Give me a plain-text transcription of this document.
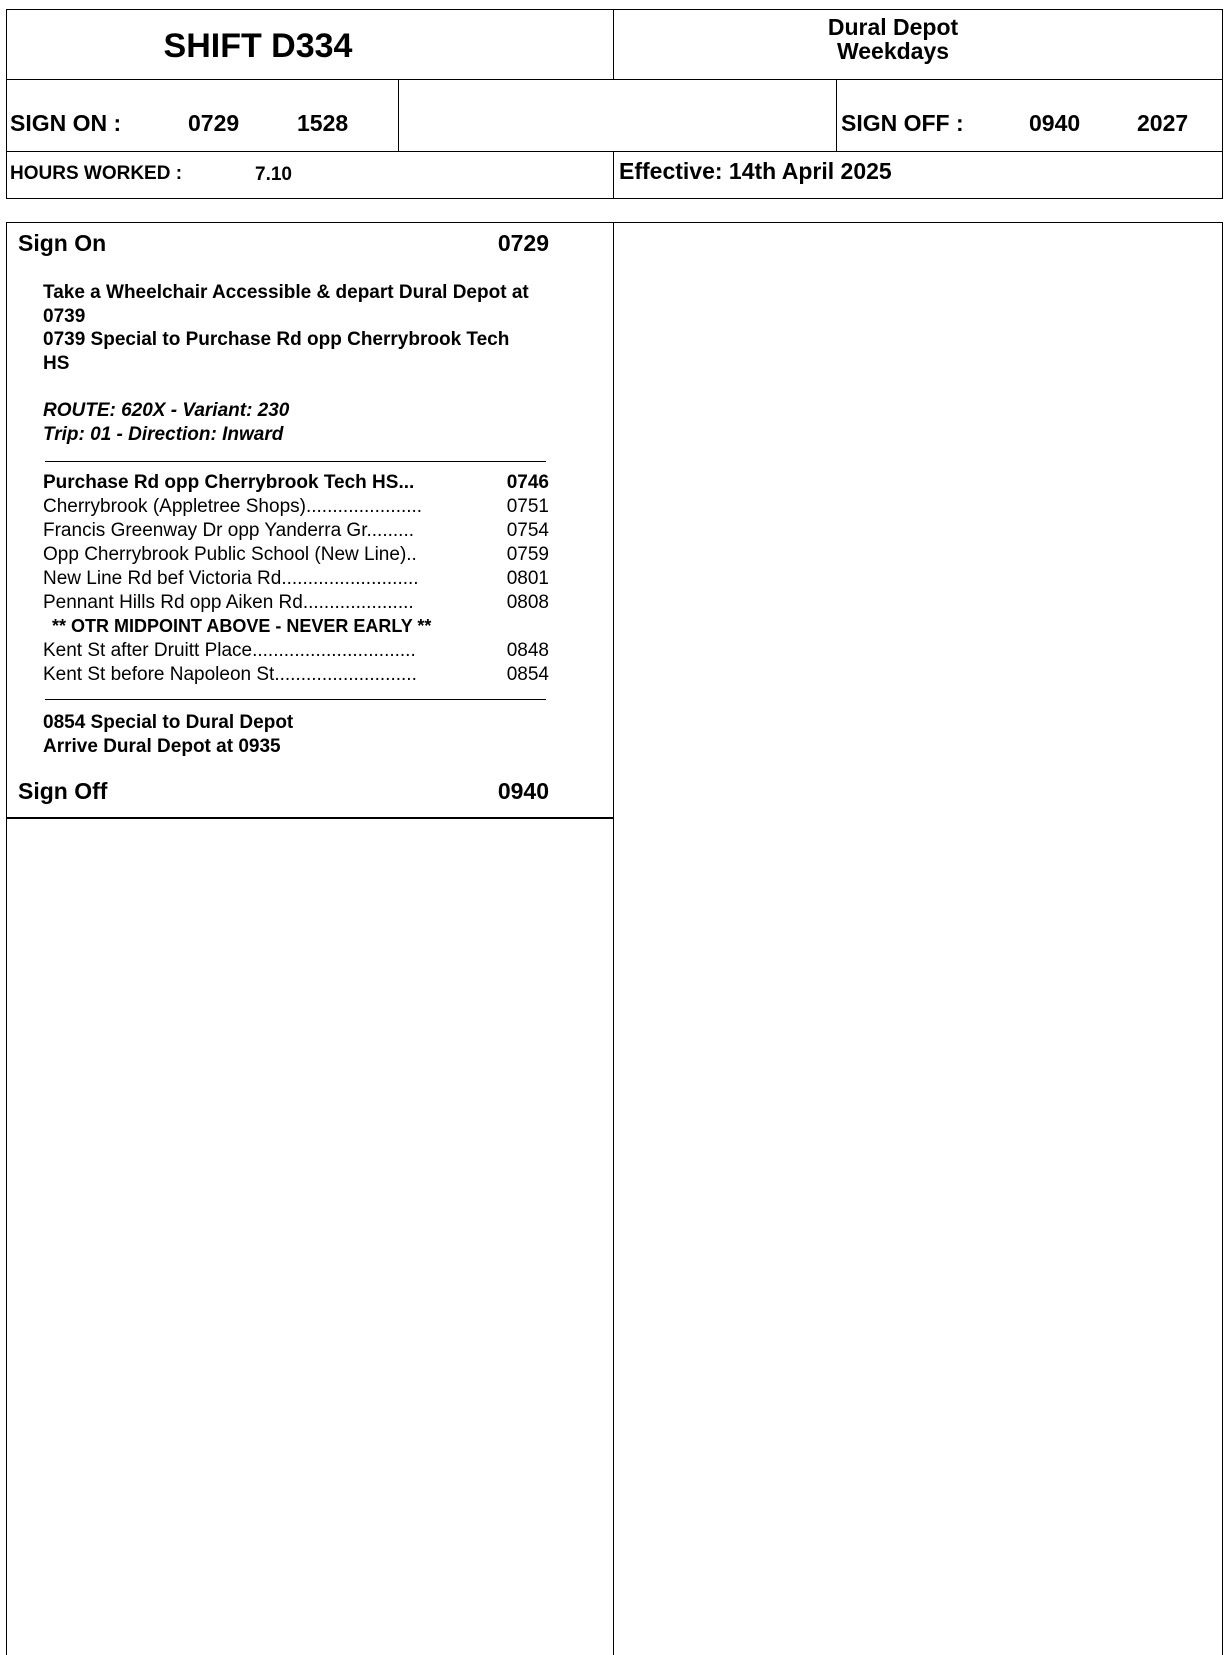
SHIFT D334	Dural Depot
Weekdays
SIGN ON :	0729	1528	SIGN OFF :	0940 2027
HOURS WORKED :	7.10	Effective: 14th April 2025
Sign On	0729
Take a Wheelchair Accessible & depart Dural Depot at
0739
0739 Special to Purchase Rd opp Cherrybrook Tech
HS
ROUTE: 620X - Variant: 230
Trip: 01 - Direction: Inward
Purchase Rd opp Cherrybrook Tech HS...	0746
Cherrybrook (Appletree Shops)......................	0751
Francis Greenway Dr opp Yanderra Gr.........	0754
Opp Cherrybrook Public School (New Line)..	0759
New Line Rd bef Victoria Rd..........................	0801
Pennant Hills Rd opp Aiken Rd.....................	0808
** OTR MIDPOINT ABOVE - NEVER EARLY **
Kent St after Druitt Place...............................	0848
Kent St before Napoleon St...........................	0854
0854 Special to Dural Depot
Arrive Dural Depot at 0935
Sign Off	0940
